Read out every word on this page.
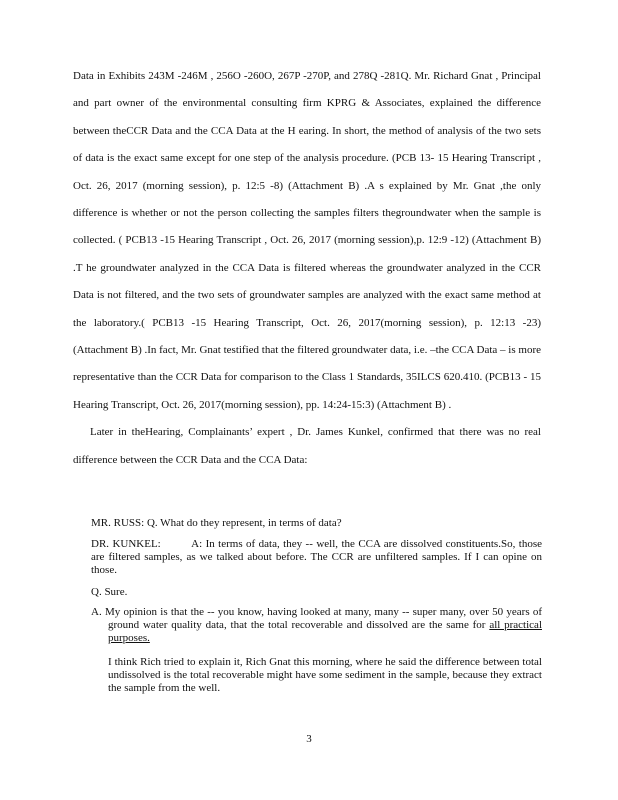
Data in Exhibits 243M -246M , 256O -260O, 267P -270P, and 278Q -281Q. Mr. Richard Gnat , Principal and part owner of the environmental consulting firm KPRG & Associates, explained the difference between theCCR Data and the CCA Data at the H earing. In short, the method of analysis of the two sets of data is the exact same except for one step of the analysis procedure. (PCB 13- 15 Hearing Transcript , Oct. 26, 2017 (morning session), p. 12:5 -8) (Attachment B) .A s explained by Mr. Gnat ,the only difference is whether or not the person collecting the samples filters thegroundwater when the sample is collected. ( PCB13 -15 Hearing Transcript , Oct. 26, 2017 (morning session),p. 12:9 -12) (Attachment B) .T he groundwater analyzed in the CCA Data is filtered whereas the groundwater analyzed in the CCR Data is not filtered, and the two sets of groundwater samples are analyzed with the exact same method at the laboratory.( PCB13 -15 Hearing Transcript, Oct. 26, 2017(morning session), p. 12:13 -23) (Attachment B) .In fact, Mr. Gnat testified that the filtered groundwater data, i.e. –the CCA Data – is more representative than the CCR Data for comparison to the Class 1 Standards, 35ILCS 620.410. (PCB13 - 15 Hearing Transcript, Oct. 26, 2017(morning session), pp. 14:24-15:3) (Attachment B) .

Later in theHearing, Complainants’ expert , Dr. James Kunkel, confirmed that there was no real difference between the CCR Data and the CCA Data:

MR. RUSS: Q. What do they represent, in terms of data?
DR. KUNKEL:	A: In terms of data, they -- well, the CCA are dissolved constituents.So, those are filtered samples, as we talked about before. The CCR are unfiltered samples. If I can opine on those.
Q. Sure.
A. My opinion is that the -- you know, having looked at many, many -- super many, over 50 years of ground water quality data, that the total recoverable and dissolved are the same for all practical purposes.
I think Rich tried to explain it, Rich Gnat this morning, where he said the difference between total undissolved is the total recoverable might have some sediment in the sample, because they extract the sample from the well.
3
